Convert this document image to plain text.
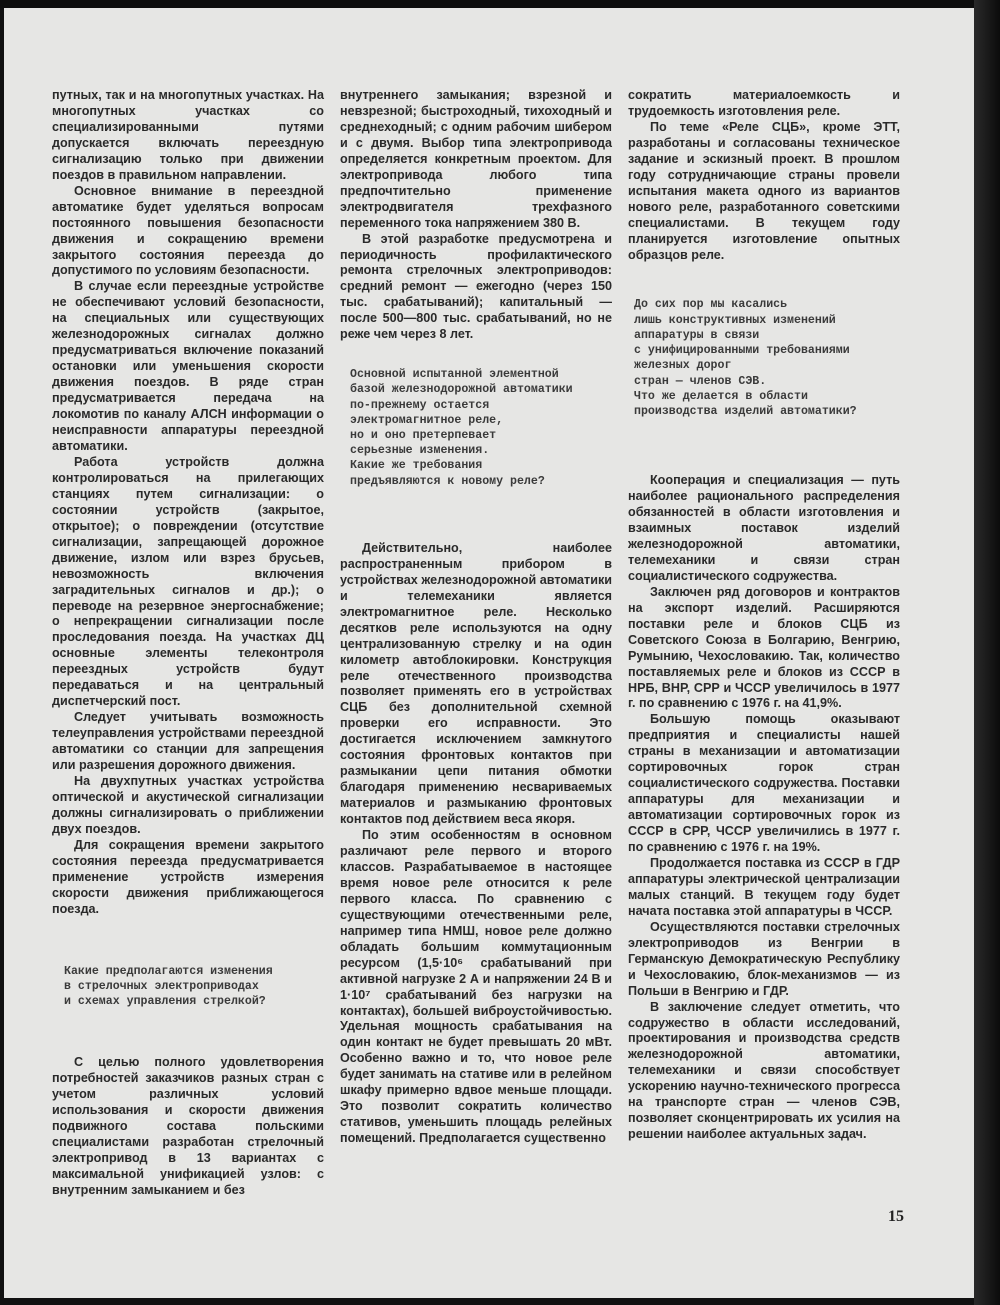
путных, так и на многопутных участках. На многопутных участках со специализированными путями допускается включать переездную сигнализацию только при движении поездов в правильном направлении.

Основное внимание в переездной автоматике будет уделяться вопросам постоянного повышения безопасности движения и сокращению времени закрытого состояния переезда до допустимого по условиям безопасности.

В случае если переездные устройстве не обеспечивают условий безопасности, на специальных или существующих железнодорожных сигналах должно предусматриваться включение показаний остановки или уменьшения скорости движения поездов. В ряде стран предусматривается передача на локомотив по каналу АЛСН информации о неисправности аппаратуры переездной автоматики.

Работа устройств должна контролироваться на прилегающих станциях путем сигнализации: о состоянии устройств (закрытое, открытое); о повреждении (отсутствие сигнализации, запрещающей дорожное движение, излом или взрез брусьев, невозможность включения заградительных сигналов и др.); о переводе на резервное энергоснабжение; о непрекращении сигнализации после проследования поезда. На участках ДЦ основные элементы телеконтроля переездных устройств будут передаваться и на центральный диспетчерский пост.

Следует учитывать возможность телеуправления устройствами переездной автоматики со станции для запрещения или разрешения дорожного движения.

На двухпутных участках устройства оптической и акустической сигнализации должны сигнализировать о приближении двух поездов.

Для сокращения времени закрытого состояния переезда предусматривается применение устройств измерения скорости движения приближающегося поезда.

Какие предполагаются изменения
в стрелочных электроприводах
и схемах управления стрелкой?

С целью полного удовлетворения потребностей заказчиков разных стран с учетом различных условий использования и скорости движения подвижного состава польскими специалистами разработан стрелочный электропривод в 13 вариантах с максимальной унификацией узлов: с внутренним замыканием и без

внутреннего замыкания; взрезной и невзрезной; быстроходный, тихоходный и среднеходный; с одним рабочим шибером и с двумя. Выбор типа электропривода определяется конкретным проектом. Для электропривода любого типа предпочтительно применение электродвигателя трехфазного переменного тока напряжением 380 В.

В этой разработке предусмотрена и периодичность профилактического ремонта стрелочных электроприводов: средний ремонт — ежегодно (через 150 тыс. срабатываний); капитальный — после 500—800 тыс. срабатываний, но не реже чем через 8 лет.

Основной испытанной элементной
базой железнодорожной автоматики
по-прежнему остается
электромагнитное реле,
но и оно претерпевает
серьезные изменения.
Какие же требования
предъявляются к новому реле?

Действительно, наиболее распространенным прибором в устройствах железнодорожной автоматики и телемеханики является электромагнитное реле. Несколько десятков реле используются на одну централизованную стрелку и на один километр автоблокировки. Конструкция реле отечественного производства позволяет применять его в устройствах СЦБ без дополнительной схемной проверки его исправности. Это достигается исключением замкнутого состояния фронтовых контактов при размыкании цепи питания обмотки благодаря применению несвариваемых материалов и размыканию фронтовых контактов под действием веса якоря.

По этим особенностям в основном различают реле первого и второго классов. Разрабатываемое в настоящее время новое реле относится к реле первого класса. По сравнению с существующими отечественными реле, например типа НМШ, новое реле должно обладать большим коммутационным ресурсом (1,5·10⁶ срабатываний при активной нагрузке 2 А и напряжении 24 В и 1·10⁷ срабатываний без нагрузки на контактах), большей виброустойчивостью. Удельная мощность срабатывания на один контакт не будет превышать 20 мВт. Особенно важно и то, что новое реле будет занимать на стативе или в релейном шкафу примерно вдвое меньше площади. Это позволит сократить количество стативов, уменьшить площадь релейных помещений. Предполагается существенно

сократить материалоемкость и трудоемкость изготовления реле.

По теме «Реле СЦБ», кроме ЭТТ, разработаны и согласованы техническое задание и эскизный проект. В прошлом году сотрудничающие страны провели испытания макета одного из вариантов нового реле, разработанного советскими специалистами. В текущем году планируется изготовление опытных образцов реле.

До сих пор мы касались
лишь конструктивных изменений
аппаратуры в связи
с унифицированными требованиями
железных дорог
стран — членов СЭВ.
Что же делается в области
производства изделий автоматики?

Кооперация и специализация — путь наиболее рационального распределения обязанностей в области изготовления и взаимных поставок изделий железнодорожной автоматики, телемеханики и связи стран социалистического содружества.

Заключен ряд договоров и контрактов на экспорт изделий. Расширяются поставки реле и блоков СЦБ из Советского Союза в Болгарию, Венгрию, Румынию, Чехословакию. Так, количество поставляемых реле и блоков из СССР в НРБ, ВНР, СРР и ЧССР увеличилось в 1977 г. по сравнению с 1976 г. на 41,9%.

Большую помощь оказывают предприятия и специалисты нашей страны в механизации и автоматизации сортировочных горок стран социалистического содружества. Поставки аппаратуры для механизации и автоматизации сортировочных горок из СССР в СРР, ЧССР увеличились в 1977 г. по сравнению с 1976 г. на 19%.

Продолжается поставка из СССР в ГДР аппаратуры электрической централизации малых станций. В текущем году будет начата поставка этой аппаратуры в ЧССР.

Осуществляются поставки стрелочных электроприводов из Венгрии в Германскую Демократическую Республику и Чехословакию, блок-механизмов — из Польши в Венгрию и ГДР.

В заключение следует отметить, что содружество в области исследований, проектирования и производства средств железнодорожной автоматики, телемеханики и связи способствует ускорению научно-технического прогресса на транспорте стран — членов СЭВ, позволяет сконцентрировать их усилия на решении наиболее актуальных задач.

15
